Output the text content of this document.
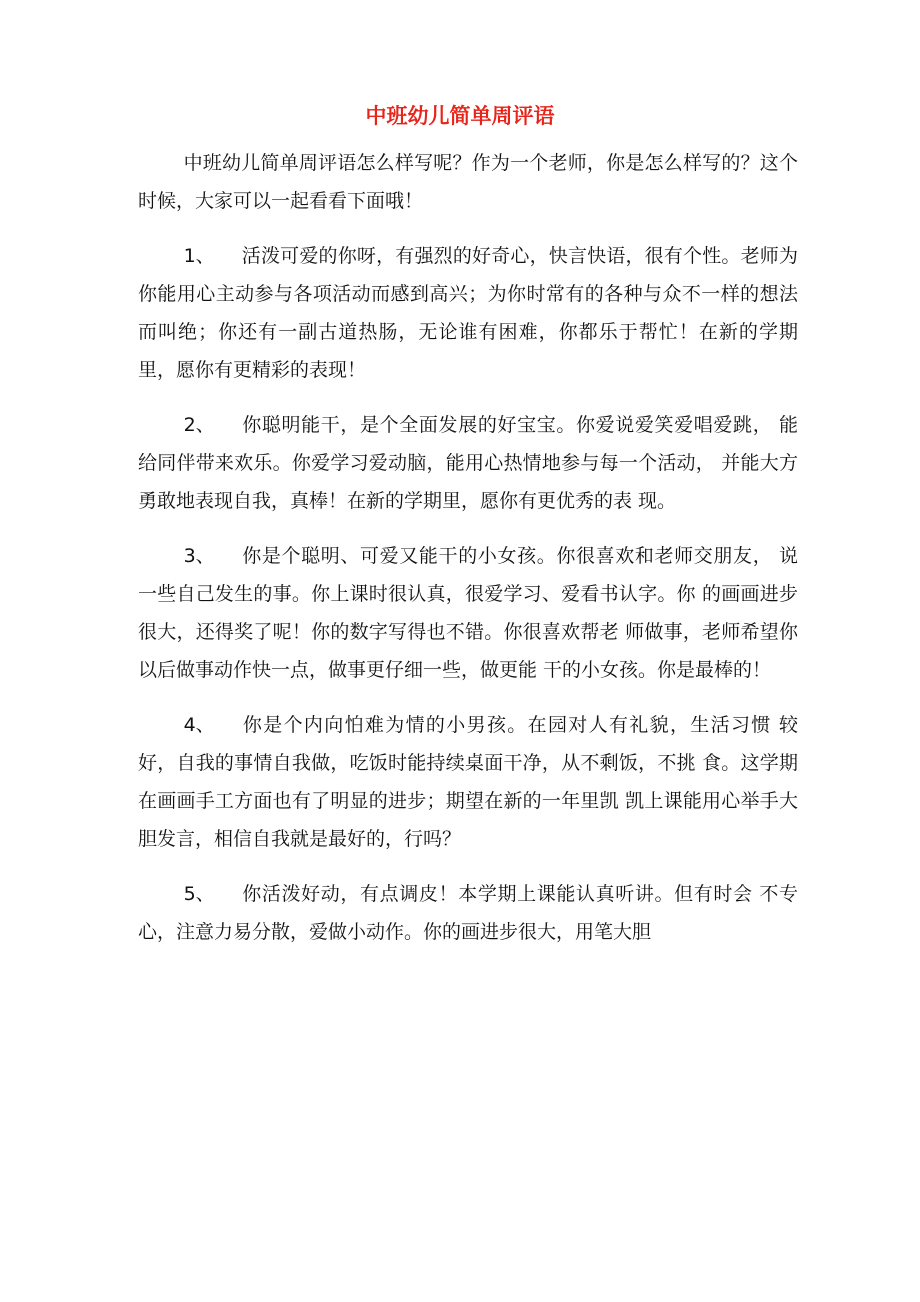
中班幼儿简单周评语

中班幼儿简单周评语怎么样写呢？作为一个老师，你是怎么样写的？这个时候，大家可以一起看看下面哦！

1、 活泼可爱的你呀，有强烈的好奇心，快言快语，很有个性。老师为你能用心主动参与各项活动而感到高兴；为你时常有的各种与众不一样的想法而叫绝；你还有一副古道热肠，无论谁有困难，你都乐于帮忙！在新的学期里，愿你有更精彩的表现！

2、 你聪明能干，是个全面发展的好宝宝。你爱说爱笑爱唱爱跳， 能给同伴带来欢乐。你爱学习爱动脑，能用心热情地参与每一个活动， 并能大方勇敢地表现自我，真棒！在新的学期里，愿你有更优秀的表 现。

3、 你是个聪明、可爱又能干的小女孩。你很喜欢和老师交朋友， 说一些自己发生的事。你上课时很认真，很爱学习、爱看书认字。你 的画画进步很大，还得奖了呢！你的数字写得也不错。你很喜欢帮老 师做事，老师希望你以后做事动作快一点，做事更仔细一些，做更能 干的小女孩。你是最棒的！

4、 你是个内向怕难为情的小男孩。在园对人有礼貌，生活习惯 较好，自我的事情自我做，吃饭时能持续桌面干净，从不剩饭，不挑 食。这学期在画画手工方面也有了明显的进步；期望在新的一年里凯 凯上课能用心举手大胆发言，相信自我就是最好的，行吗？

5、 你活泼好动，有点调皮！本学期上课能认真听讲。但有时会 不专心，注意力易分散，爱做小动作。你的画进步很大，用笔大胆
